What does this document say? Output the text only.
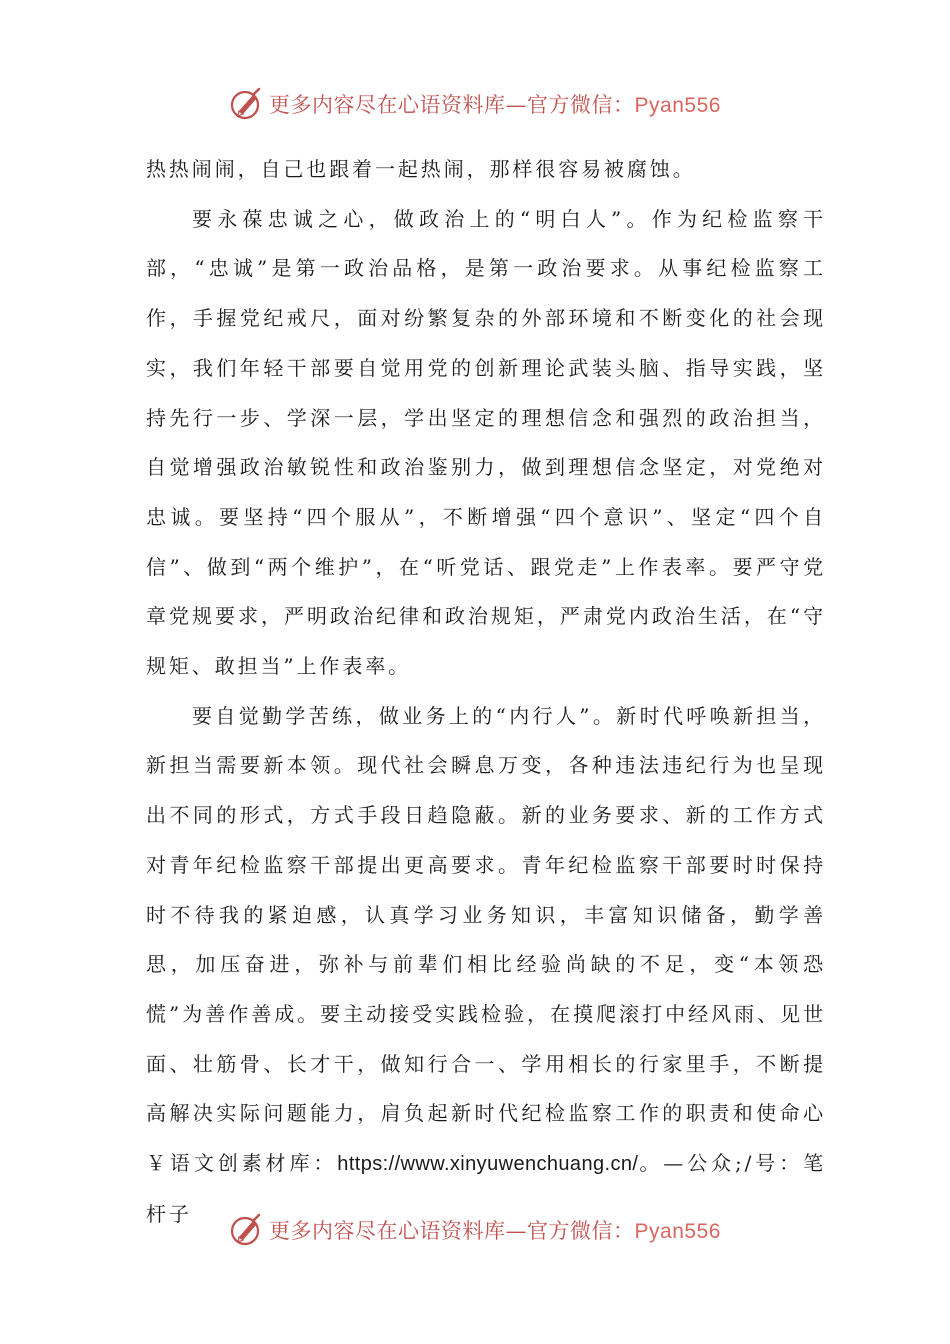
更多内容尽在心语资料库—官方微信：Pyan556

热热闹闹，自己也跟着一起热闹，那样很容易被腐蚀。

要永葆忠诚之心，做政治上的“明白人”。作为纪检监察干部，“忠诚”是第一政治品格，是第一政治要求。从事纪检监察工作，手握党纪戒尺，面对纷繁复杂的外部环境和不断变化的社会现实，我们年轻干部要自觉用党的创新理论武装头脑、指导实践，坚持先行一步、学深一层，学出坚定的理想信念和强烈的政治担当，自觉增强政治敏锐性和政治鉴别力，做到理想信念坚定，对党绝对忠诚。要坚持“四个服从”，不断增强“四个意识”、坚定“四个自信”、做到“两个维护”，在“听党话、跟党走”上作表率。要严守党章党规要求，严明政治纪律和政治规矩，严肃党内政治生活，在“守规矩、敢担当”上作表率。

要自觉勤学苦练，做业务上的“内行人”。新时代呼唤新担当，新担当需要新本领。现代社会瞬息万变，各种违法违纪行为也呈现出不同的形式，方式手段日趋隐蔽。新的业务要求、新的工作方式对青年纪检监察干部提出更高要求。青年纪检监察干部要时时保持时不待我的紧迫感，认真学习业务知识，丰富知识储备，勤学善思，加压奋进，弥补与前辈们相比经验尚缺的不足，变“本领恐慌”为善作善成。要主动接受实践检验，在摸爬滚打中经风雨、见世面、壮筋骨、长才干，做知行合一、学用相长的行家里手，不断提高解决实际问题能力，肩负起新时代纪检监察工作的职责和使命心￥语文创素材库：https://www.xinyuwenchuang.cn/。—公众;/号：笔杆子

更多内容尽在心语资料库—官方微信：Pyan556
